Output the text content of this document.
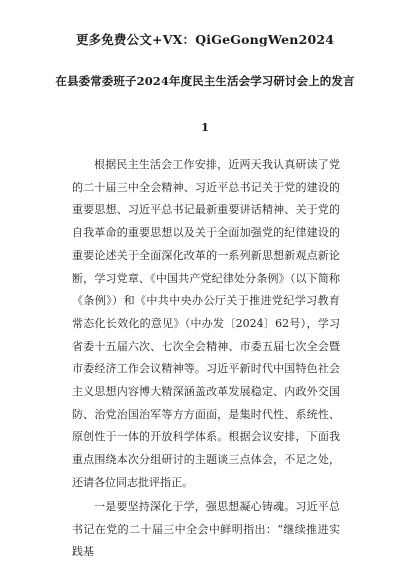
更多免费公文+VX：QiGeGongWen2024
在县委常委班子2024年度民主生活会学习研讨会上的发言
1

根据民主生活会工作安排，近两天我认真研读了党的二十届三中全会精神、习近平总书记关于党的建设的重要思想、习近平总书记最新重要讲话精神、关于党的自我革命的重要思想以及关于全面加强党的纪律建设的重要论述关于全面深化改革的一系列新思想新观点新论断，学习党章、《中国共产党纪律处分条例》（以下简称《条例》）和《中共中央办公厅关于推进党纪学习教育常态化长效化的意见》（中办发〔2024〕62号），学习省委十五届六次、七次全会精神、市委五届七次全会暨市委经济工作会议精神等。习近平新时代中国特色社会主义思想内容博大精深涵盖改革发展稳定、内政外交国防、治党治国治军等方方面面，是集时代性、系统性、原创性于一体的开放科学体系。根据会议安排，下面我重点围绕本次分组研讨的主题谈三点体会，不足之处，还请各位同志批评指正。

一是要坚持深化于学，强思想凝心铸魂。习近平总书记在党的二十届三中全会中鲜明指出：“继续推进实践基
